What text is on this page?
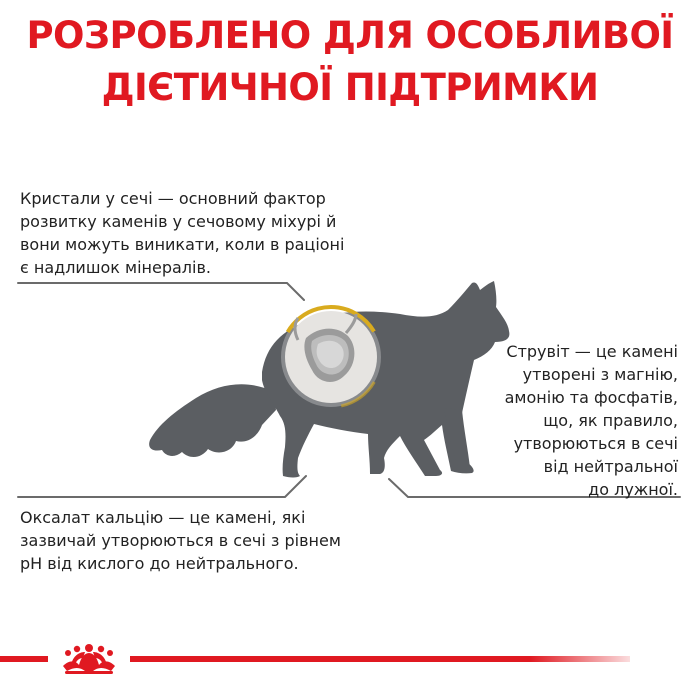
РОЗРОБЛЕНО ДЛЯ ОСОБЛИВОЇ
ДІЄТИЧНОЇ ПІДТРИМКИ
Кристали у сечі — основний фактор
розвитку каменів у сечовому міхурі й
вони можуть виникати, коли в раціоні
є надлишок мінералів.
Струвіт — це камені
утворені з магнію,
амонію та фосфатів,
що, як правило,
утворюються в сечі
від нейтральної
до лужної.
Оксалат кальцію — це камені, які
зазвичай утворюються в сечі з рівнем
рН від кислого до нейтрального.
